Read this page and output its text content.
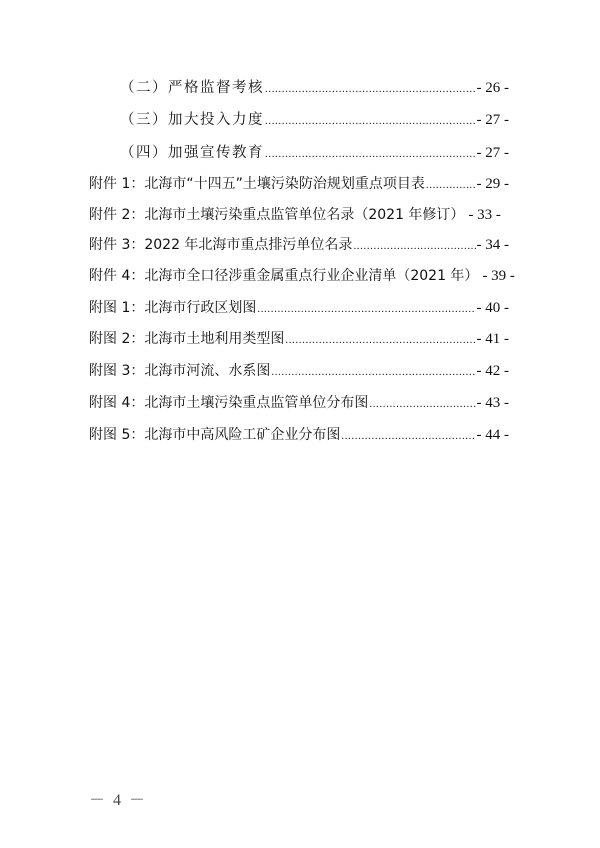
（二）严格监督考核 .....	- 26 -
（三）加大投入力度 .....	- 27 -
（四）加强宣传教育 .....	- 27 -
附件 1：北海市“十四五”土壤污染防治规划重点项目表 .....	- 29 -
附件 2：北海市土壤污染重点监管单位名录（2021 年修订） - 33 -
附件 3：2022 年北海市重点排污单位名录 .....	- 34 -
附件 4：北海市全口径涉重金属重点行业企业清单（2021 年） - 39 -
附图 1：北海市行政区划图 .....	- 40 -
附图 2：北海市土地利用类型图 .....	- 41 -
附图 3：北海市河流、水系图 .....	- 42 -
附图 4：北海市土壤污染重点监管单位分布图 .....	- 43 -
附图 5：北海市中高风险工矿企业分布图 .....	- 44 -
－ 4 －
